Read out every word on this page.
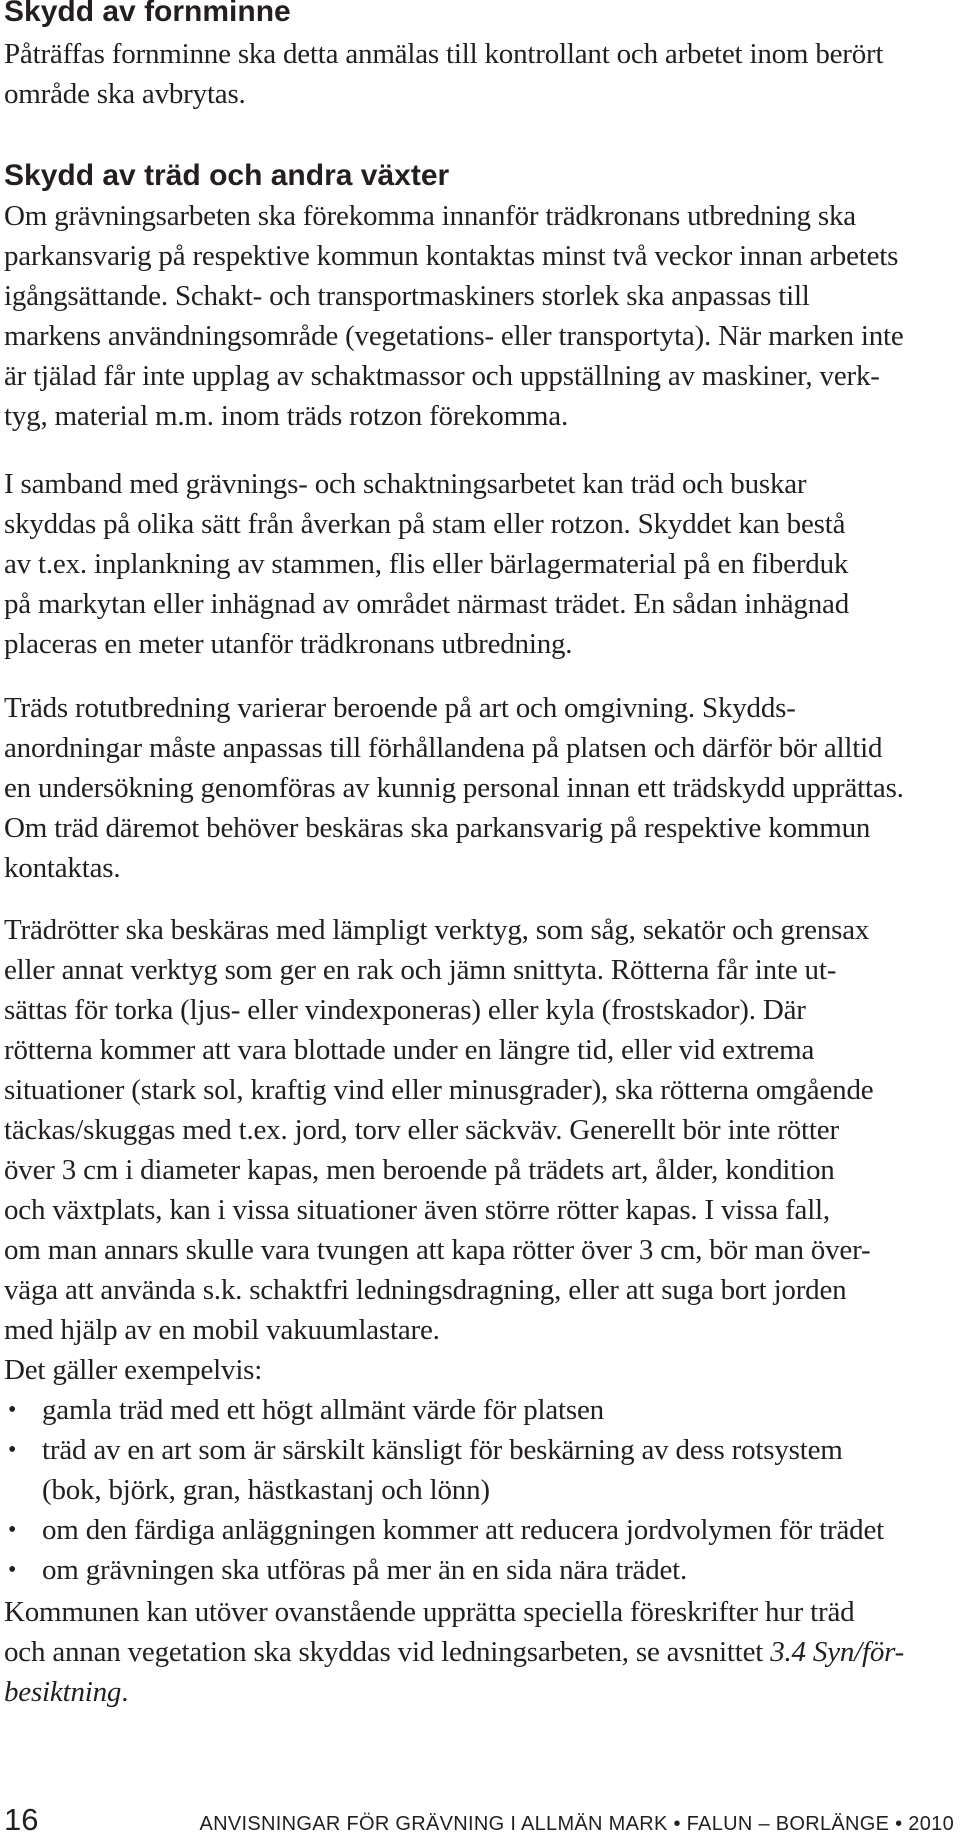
Skydd av fornminne

Påträffas fornminne ska detta anmälas till kontrollant och arbetet inom berört
område ska avbrytas.

Skydd av träd och andra växter

Om grävningsarbeten ska förekomma innanför trädkronans utbredning ska
parkansvarig på respektive kommun kontaktas minst två veckor innan arbetets
igångsättande. Schakt- och transportmaskiners storlek ska anpassas till
markens användningsområde (vegetations- eller transportyta). När marken inte
är tjälad får inte upplag av schaktmassor och uppställning av maskiner, verk-
tyg, material m.m. inom träds rotzon förekomma.

I samband med grävnings- och schaktningsarbetet kan träd och buskar
skyddas på olika sätt från åverkan på stam eller rotzon. Skyddet kan bestå
av t.ex. inplankning av stammen, flis eller bärlagermaterial på en fiberduk
på markytan eller inhägnad av området närmast trädet. En sådan inhägnad
placeras en meter utanför trädkronans utbredning.

Träds rotutbredning varierar beroende på art och omgivning. Skydds-
anordningar måste anpassas till förhållandena på platsen och därför bör alltid
en undersökning genomföras av kunnig personal innan ett trädskydd upprättas.
Om träd däremot behöver beskäras ska parkansvarig på respektive kommun
kontaktas.

Trädrötter ska beskäras med lämpligt verktyg, som såg, sekatör och grensax
eller annat verktyg som ger en rak och jämn snittyta. Rötterna får inte ut-
sättas för torka (ljus- eller vindexponeras) eller kyla (frostskador). Där
rötterna kommer att vara blottade under en längre tid, eller vid extrema
situationer (stark sol, kraftig vind eller minusgrader), ska rötterna omgående
täckas/skuggas med t.ex. jord, torv eller säckväv. Generellt bör inte rötter
över 3 cm i diameter kapas, men beroende på trädets art, ålder, kondition
och växtplats, kan i vissa situationer även större rötter kapas. I vissa fall,
om man annars skulle vara tvungen att kapa rötter över 3 cm, bör man över-
väga att använda s.k. schaktfri ledningsdragning, eller att suga bort jorden
med hjälp av en mobil vakuumlastare.
Det gäller exempelvis:

• gamla träd med ett högt allmänt värde för platsen
• träd av en art som är särskilt känsligt för beskärning av dess rotsystem
(bok, björk, gran, hästkastanj och lönn)
• om den färdiga anläggningen kommer att reducera jordvolymen för trädet
• om grävningen ska utföras på mer än en sida nära trädet.

Kommunen kan utöver ovanstående upprätta speciella föreskrifter hur träd
och annan vegetation ska skyddas vid ledningsarbeten, se avsnittet 3.4 Syn/för-
besiktning.

16	ANVISNINGAR FÖR GRÄVNING I ALLMÄN MARK • FALUN – BORLÄNGE • 2010
